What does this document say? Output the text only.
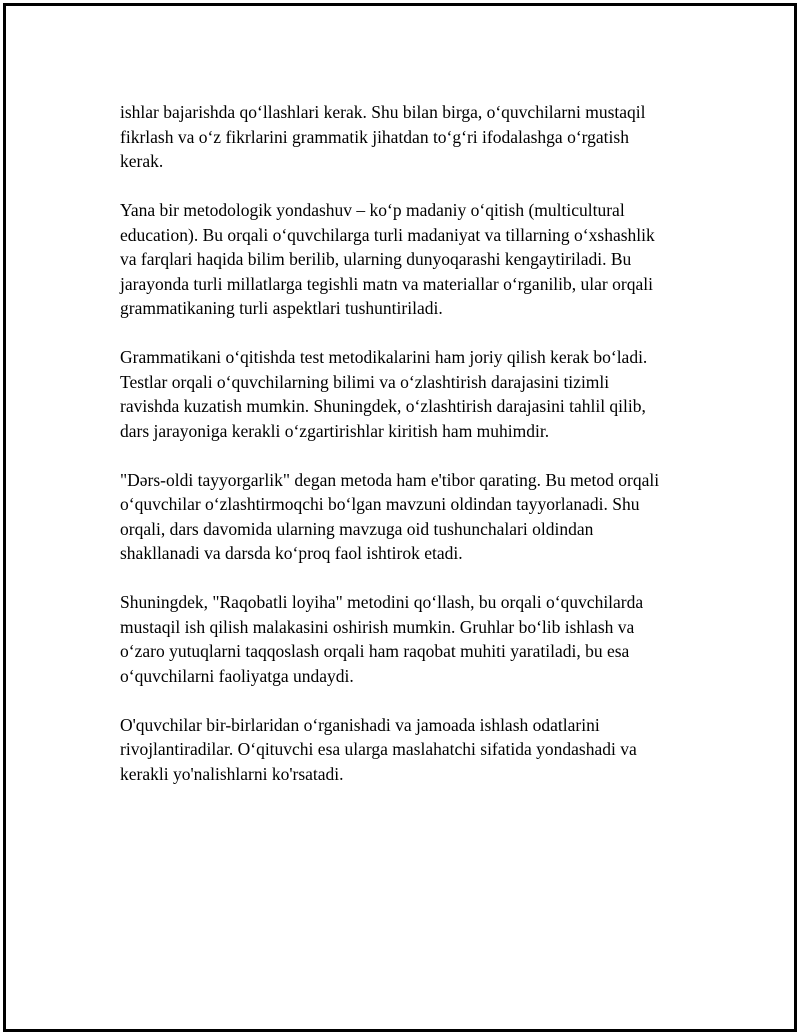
ishlar bajarishda qoʻllashlari kerak. Shu bilan birga, oʻquvchilarni mustaqil
fikrlash va oʻz fikrlarini grammatik jihatdan toʻgʻri ifodalashga oʻrgatish
kerak.

Yana bir metodologik yondashuv – koʻp madaniy oʻqitish (multicultural
education). Bu orqali oʻquvchilarga turli madaniyat va tillarning oʻxshashlik
va farqlari haqida bilim berilib, ularning dunyoqarashi kengaytiriladi. Bu
jarayonda turli millatlarga tegishli matn va materiallar oʻrganilib, ular orqali
grammatikaning turli aspektlari tushuntiriladi.

Grammatikani oʻqitishda test metodikalarini ham joriy qilish kerak boʻladi.
Testlar orqali oʻquvchilarning bilimi va oʻzlashtirish darajasini tizimli
ravishda kuzatish mumkin. Shuningdek, oʻzlashtirish darajasini tahlil qilib,
dars jarayoniga kerakli oʻzgartirishlar kiritish ham muhimdir.

"Dərs-oldi tayyorgarlik" degan metoda ham e'tibor qarating. Bu metod orqali
oʻquvchilar oʻzlashtirmoqchi boʻlgan mavzuni oldindan tayyorlanadi. Shu
orqali, dars davomida ularning mavzuga oid tushunchalari oldindan
shakllanadi va darsda koʻproq faol ishtirok etadi.

Shuningdek, "Raqobatli loyiha" metodini qoʻllash, bu orqali oʻquvchilarda
mustaqil ish qilish malakasini oshirish mumkin. Gruhlar boʻlib ishlash va
oʻzaro yutuqlarni taqqoslash orqali ham raqobat muhiti yaratiladi, bu esa
oʻquvchilarni faoliyatga undaydi.

O'quvchilar bir-birlaridan oʻrganishadi va jamoada ishlash odatlarini
rivojlantiradilar. Oʻqituvchi esa ularga maslahatchi sifatida yondashadi va
kerakli yo'nalishlarni ko'rsatadi.
